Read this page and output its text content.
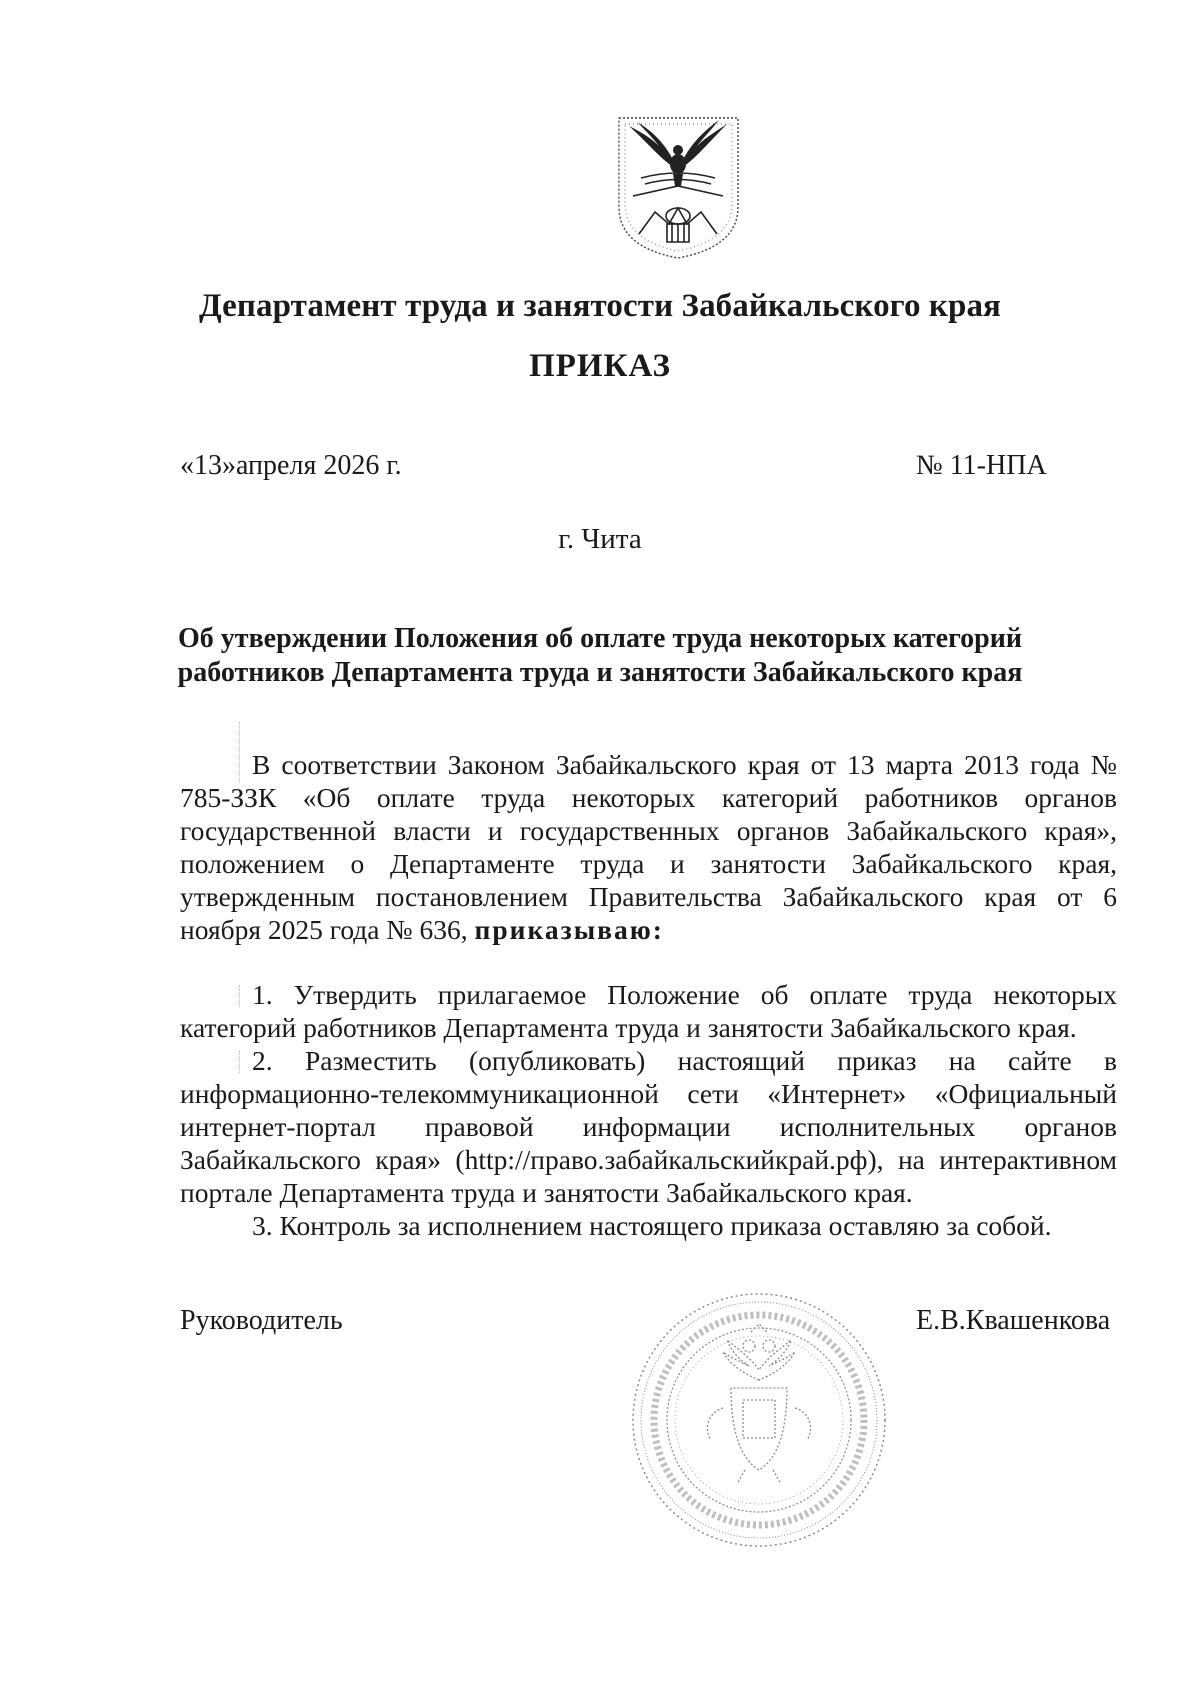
Департамент труда и занятости Забайкальского края
ПРИКАЗ
«13»апреля 2026 г.	№ 11-НПА
г. Чита
Об утверждении Положения об оплате труда некоторых категорий
работников Департамента труда и занятости Забайкальского края
В соответствии Законом Забайкальского края от 13 марта 2013 года № 785-ЗЗК «Об оплате труда некоторых категорий работников органов государственной власти и государственных органов Забайкальского края», положением о Департаменте труда и занятости Забайкальского края, утвержденным постановлением Правительства Забайкальского края от 6 ноября 2025 года № 636, приказываю:
1. Утвердить прилагаемое Положение об оплате труда некоторых категорий работников Департамента труда и занятости Забайкальского края.
2. Разместить (опубликовать) настоящий приказ на сайте в информационно-телекоммуникационной сети «Интернет» «Официальный интернет-портал правовой информации исполнительных органов Забайкальского края» (http://право.забайкальскийкрай.рф), на интерактивном портале Департамента труда и занятости Забайкальского края.
3. Контроль за исполнением настоящего приказа оставляю за собой.
Руководитель	Е.В.Квашенкова
